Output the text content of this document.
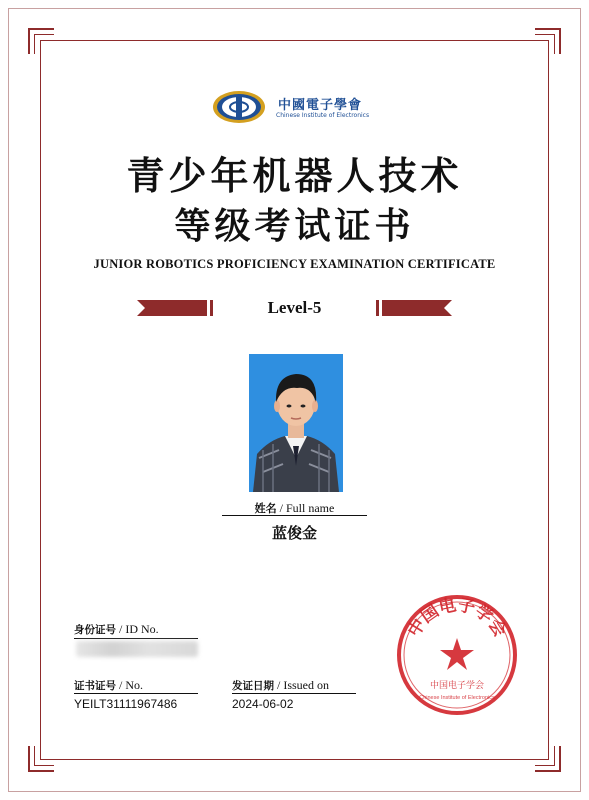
中國電子學會
Chinese Institute of Electronics
青少年机器人技术
等级考试证书
JUNIOR ROBOTICS PROFICIENCY EXAMINATION CERTIFICATE
Level-5
姓名 / Full name
蓝俊金
身份证号 / ID No.
证书证号 / No.
YEILT31111967486
发证日期 / Issued on
2024-06-02
中国电子学会
中国电子学会
Chinese Institute of Electronics
